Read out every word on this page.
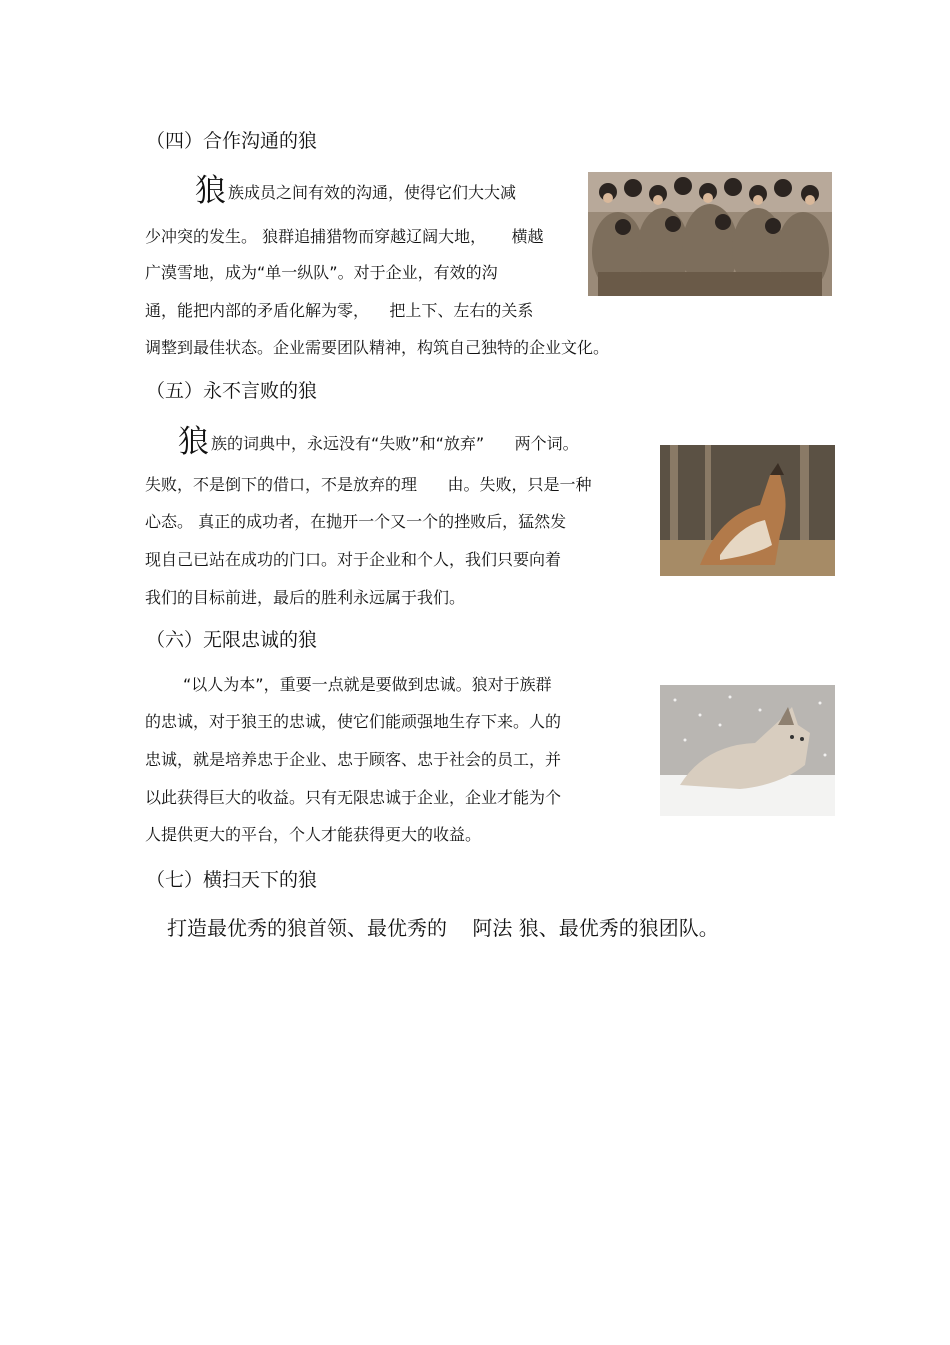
（四）合作沟通的狼
狼族成员之间有效的沟通，使得它们大大减
少冲突的发生。 狼群追捕猎物而穿越辽阔大地，     横越
广漠雪地，成为“单一纵队”。对于企业，有效的沟
通，能把内部的矛盾化解为零，    把上下、左右的关系
调整到最佳状态。企业需要团队精神，构筑自己独特的企业文化。
（五）永不言败的狼
狼族的词典中，永远没有“失败”和“放弃”      两个词。
失败，不是倒下的借口，不是放弃的理      由。失败，只是一种
心态。 真正的成功者，在抛开一个又一个的挫败后，猛然发
现自己已站在成功的门口。对于企业和个人，我们只要向着
我们的目标前进，最后的胜利永远属于我们。
（六）无限忠诚的狼
“以人为本”，重要一点就是要做到忠诚。狼对于族群
的忠诚，对于狼王的忠诚，使它们能顽强地生存下来。人的
忠诚，就是培养忠于企业、忠于顾客、忠于社会的员工，并
以此获得巨大的收益。只有无限忠诚于企业，企业才能为个
人提供更大的平台，个人才能获得更大的收益。
（七）横扫天下的狼
打造最优秀的狼首领、最优秀的    阿法 狼、最优秀的狼团队。
